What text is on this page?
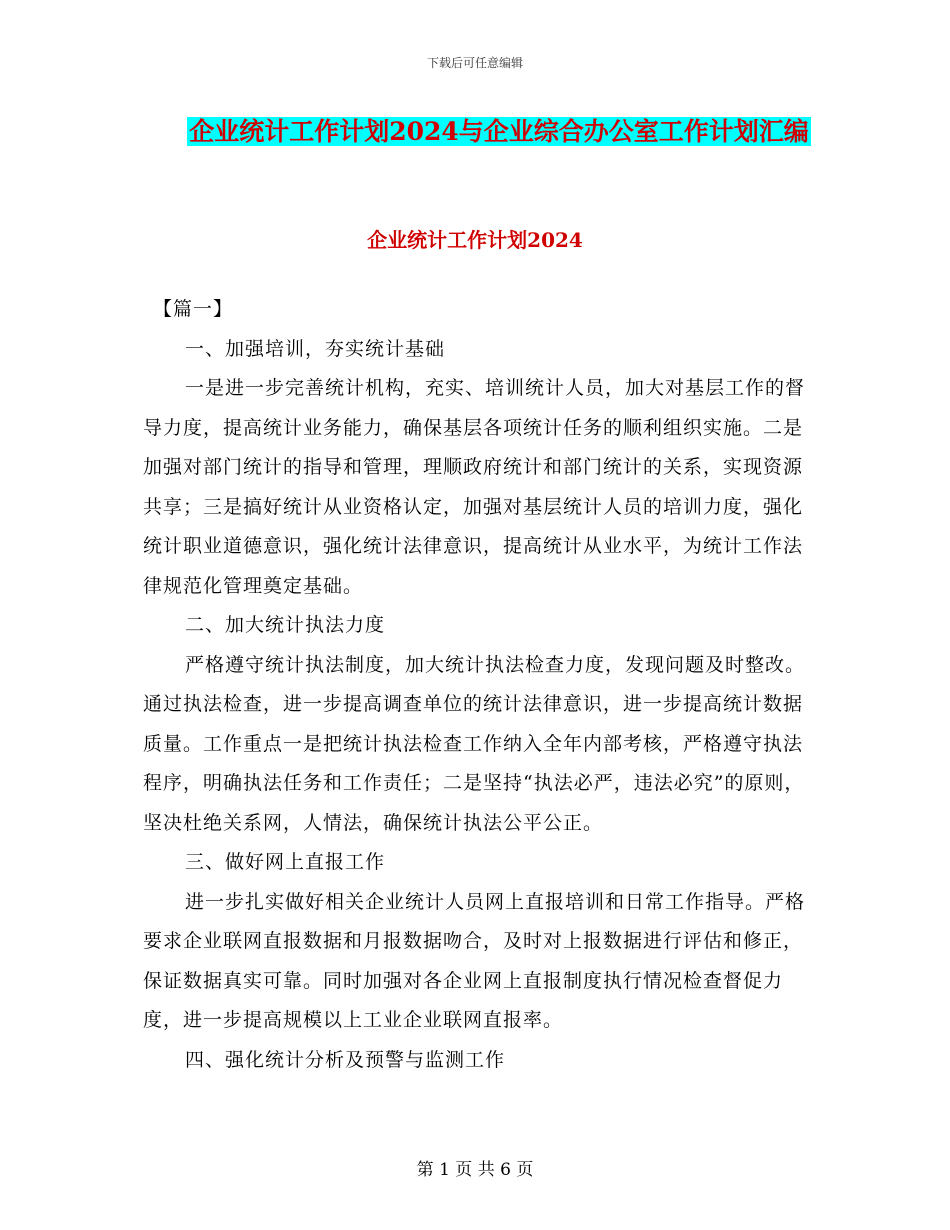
下载后可任意编辑
企业统计工作计划2024与企业综合办公室工作计划汇编
企业统计工作计划2024

【篇一】

一、加强培训，夯实统计基础

一是进一步完善统计机构，充实、培训统计人员，加大对基层工作的督导力度，提高统计业务能力，确保基层各项统计任务的顺利组织实施。二是加强对部门统计的指导和管理，理顺政府统计和部门统计的关系，实现资源共享；三是搞好统计从业资格认定，加强对基层统计人员的培训力度，强化统计职业道德意识，强化统计法律意识，提高统计从业水平，为统计工作法律规范化管理奠定基础。

二、加大统计执法力度

严格遵守统计执法制度，加大统计执法检查力度，发现问题及时整改。通过执法检查，进一步提高调查单位的统计法律意识，进一步提高统计数据质量。工作重点一是把统计执法检查工作纳入全年内部考核，严格遵守执法程序，明确执法任务和工作责任；二是坚持“执法必严，违法必究”的原则，坚决杜绝关系网，人情法，确保统计执法公平公正。

三、做好网上直报工作

进一步扎实做好相关企业统计人员网上直报培训和日常工作指导。严格要求企业联网直报数据和月报数据吻合，及时对上报数据进行评估和修正，保证数据真实可靠。同时加强对各企业网上直报制度执行情况检查督促力度，进一步提高规模以上工业企业联网直报率。

四、强化统计分析及预警与监测工作

第 1 页 共 6 页
